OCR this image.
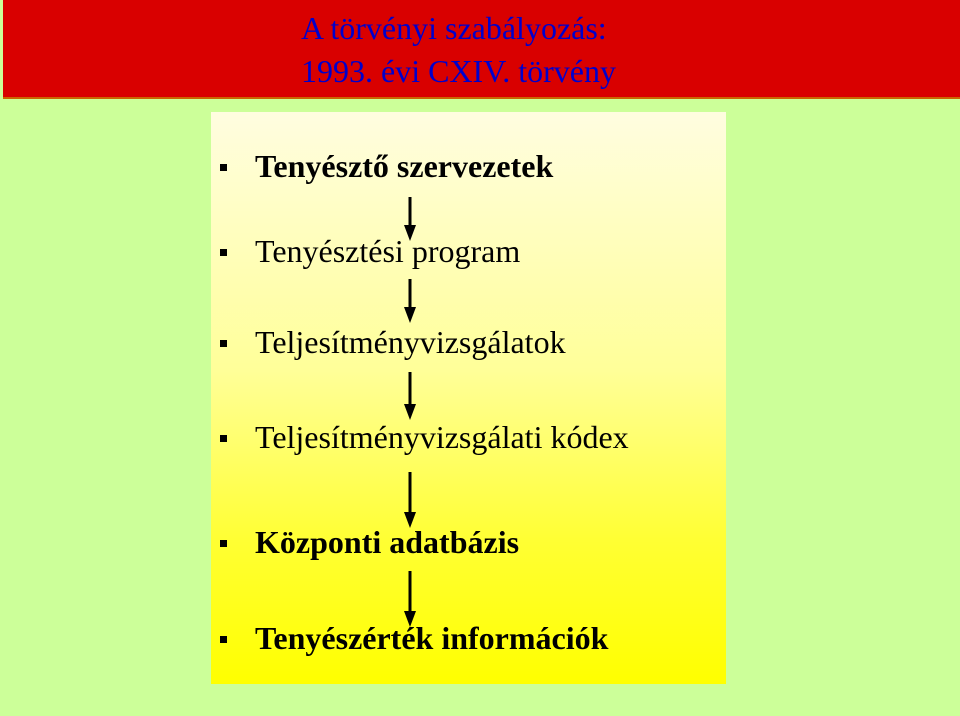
A törvényi szabályozás:
1993. évi CXIV. törvény
Tenyésztő szervezetek
Tenyésztési program
Teljesítményvizsgálatok
Teljesítményvizsgálati kódex
Központi adatbázis
Tenyészérték információk
